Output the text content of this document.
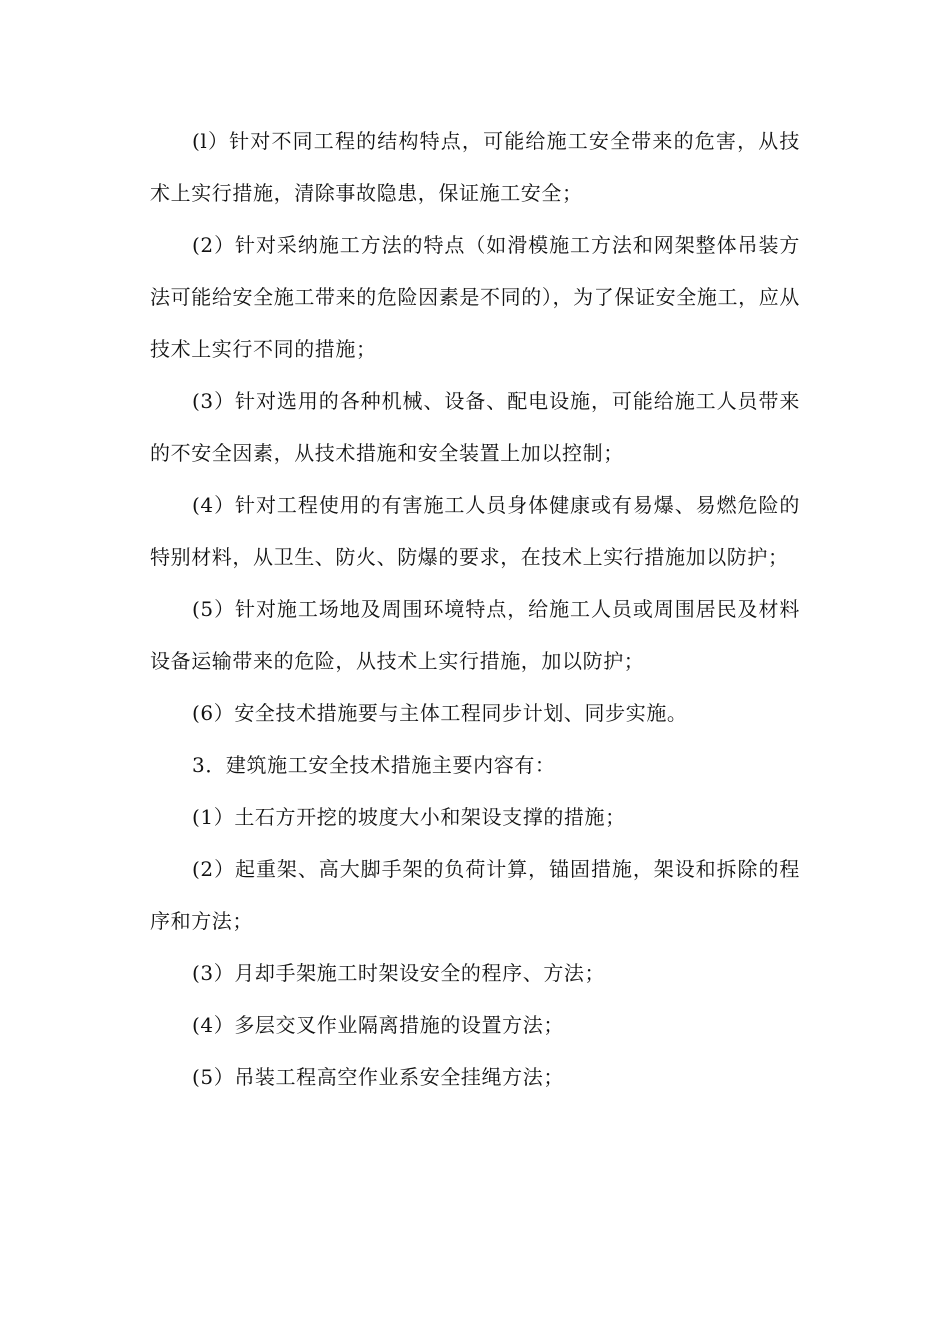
(l）针对不同工程的结构特点，可能给施工安全带来的危害，从技术上实行措施，清除事故隐患，保证施工安全；

(2）针对采纳施工方法的特点（如滑模施工方法和网架整体吊装方法可能给安全施工带来的危险因素是不同的），为了保证安全施工，应从技术上实行不同的措施；

(3）针对选用的各种机械、设备、配电设施，可能给施工人员带来的不安全因素，从技术措施和安全装置上加以控制；

(4）针对工程使用的有害施工人员身体健康或有易爆、易燃危险的特别材料，从卫生、防火、防爆的要求，在技术上实行措施加以防护；

(5）针对施工场地及周围环境特点，给施工人员或周围居民及材料设备运输带来的危险，从技术上实行措施，加以防护；

(6）安全技术措施要与主体工程同步计划、同步实施。

3．建筑施工安全技术措施主要内容有：

(1）土石方开挖的坡度大小和架设支撑的措施；

(2）起重架、高大脚手架的负荷计算，锚固措施，架设和拆除的程序和方法；

(3）月却手架施工时架设安全的程序、方法；

(4）多层交叉作业隔离措施的设置方法；

(5）吊装工程高空作业系安全挂绳方法；
